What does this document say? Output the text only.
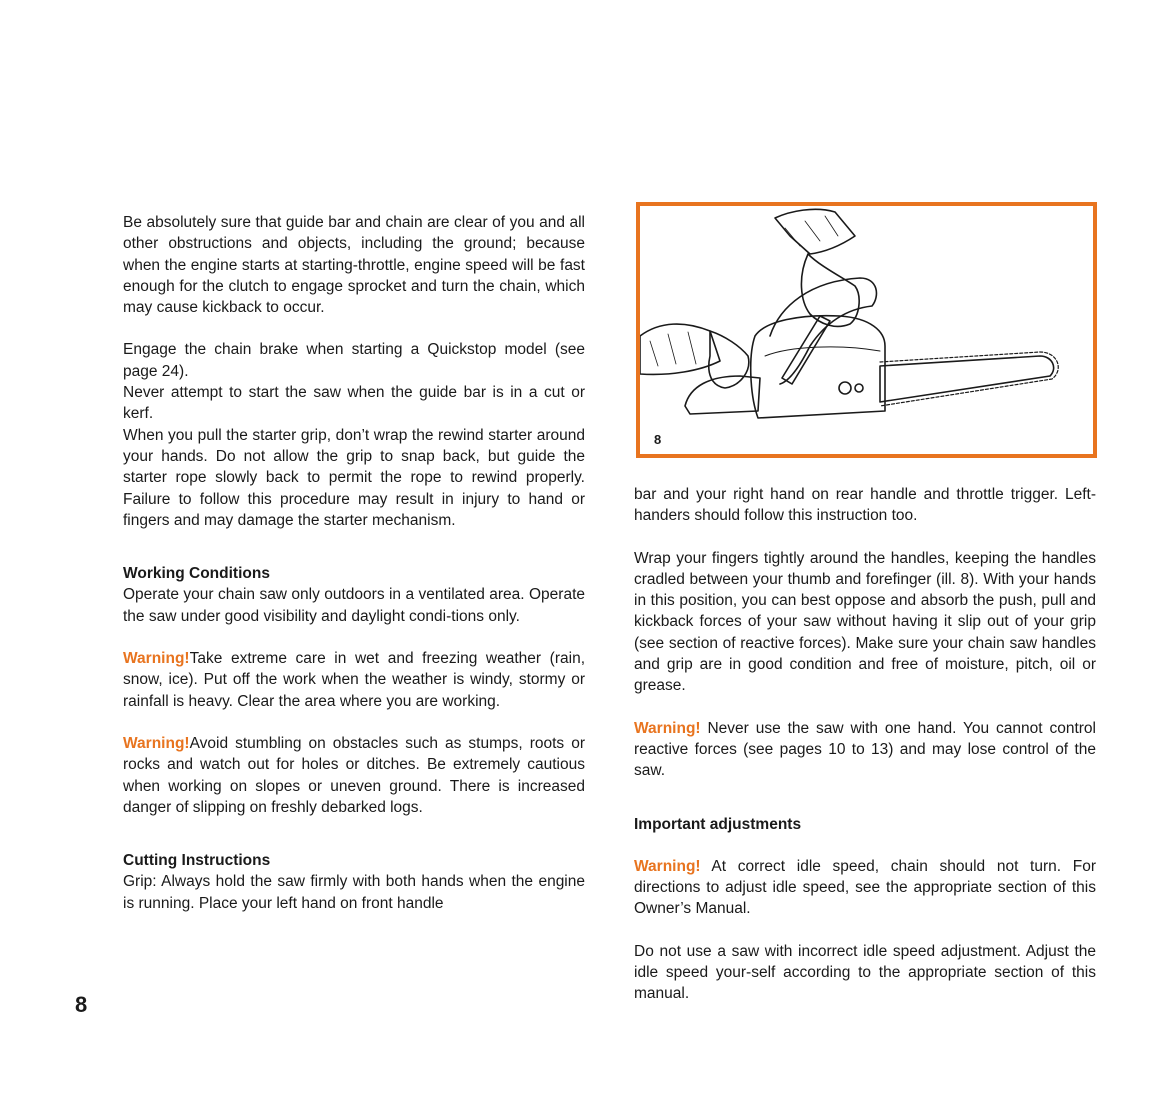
Be absolutely sure that guide bar and chain are clear of you and all other obstructions and objects, including the ground; because when the engine starts at starting-throttle, engine speed will be fast enough for the clutch to engage sprocket and turn the chain, which may cause kickback to occur.

Engage the chain brake when starting a Quickstop model (see page 24).

Never attempt to start the saw when the guide bar is in a cut or kerf.

When you pull the starter grip, don’t wrap the rewind starter around your hands. Do not allow the grip to snap back, but guide the starter rope slowly back to permit the rope to rewind properly. Failure to follow this procedure may result in injury to hand or fingers and may damage the starter mechanism.

Working Conditions

Operate your chain saw only outdoors in a ventilated area. Operate the saw under good visibility and daylight condi-tions only.

Warning!Take extreme care in wet and freezing weather (rain, snow, ice). Put off the work when the weather is windy, stormy or rainfall is heavy. Clear the area where you are working.

Warning!Avoid stumbling on obstacles such as stumps, roots or rocks and watch out for holes or ditches. Be extremely cautious when working on slopes or uneven ground. There is increased danger of slipping on freshly debarked logs.

Cutting Instructions

Grip: Always hold the saw firmly with both hands when the engine is running. Place your left hand on front handle

8

bar and your right hand on rear handle and throttle trigger. Left-handers should follow this instruction too.

Wrap your fingers tightly around the handles, keeping the handles cradled between your thumb and forefinger (ill. 8). With your hands in this position, you can best oppose and absorb the push, pull and kickback forces of your saw without having it slip out of your grip (see section of reactive forces). Make sure your chain saw handles and grip are in good condition and free of moisture, pitch, oil or grease.

Warning! Never use the saw with one hand. You cannot control reactive forces (see pages 10 to 13) and may lose control of the saw.

Important adjustments

Warning! At correct idle speed, chain should not turn. For directions to adjust idle speed, see the appropriate section of this Owner’s Manual.

Do not use a saw with incorrect idle speed adjustment. Adjust the idle speed your-self according to the appropriate section of this manual.

8
